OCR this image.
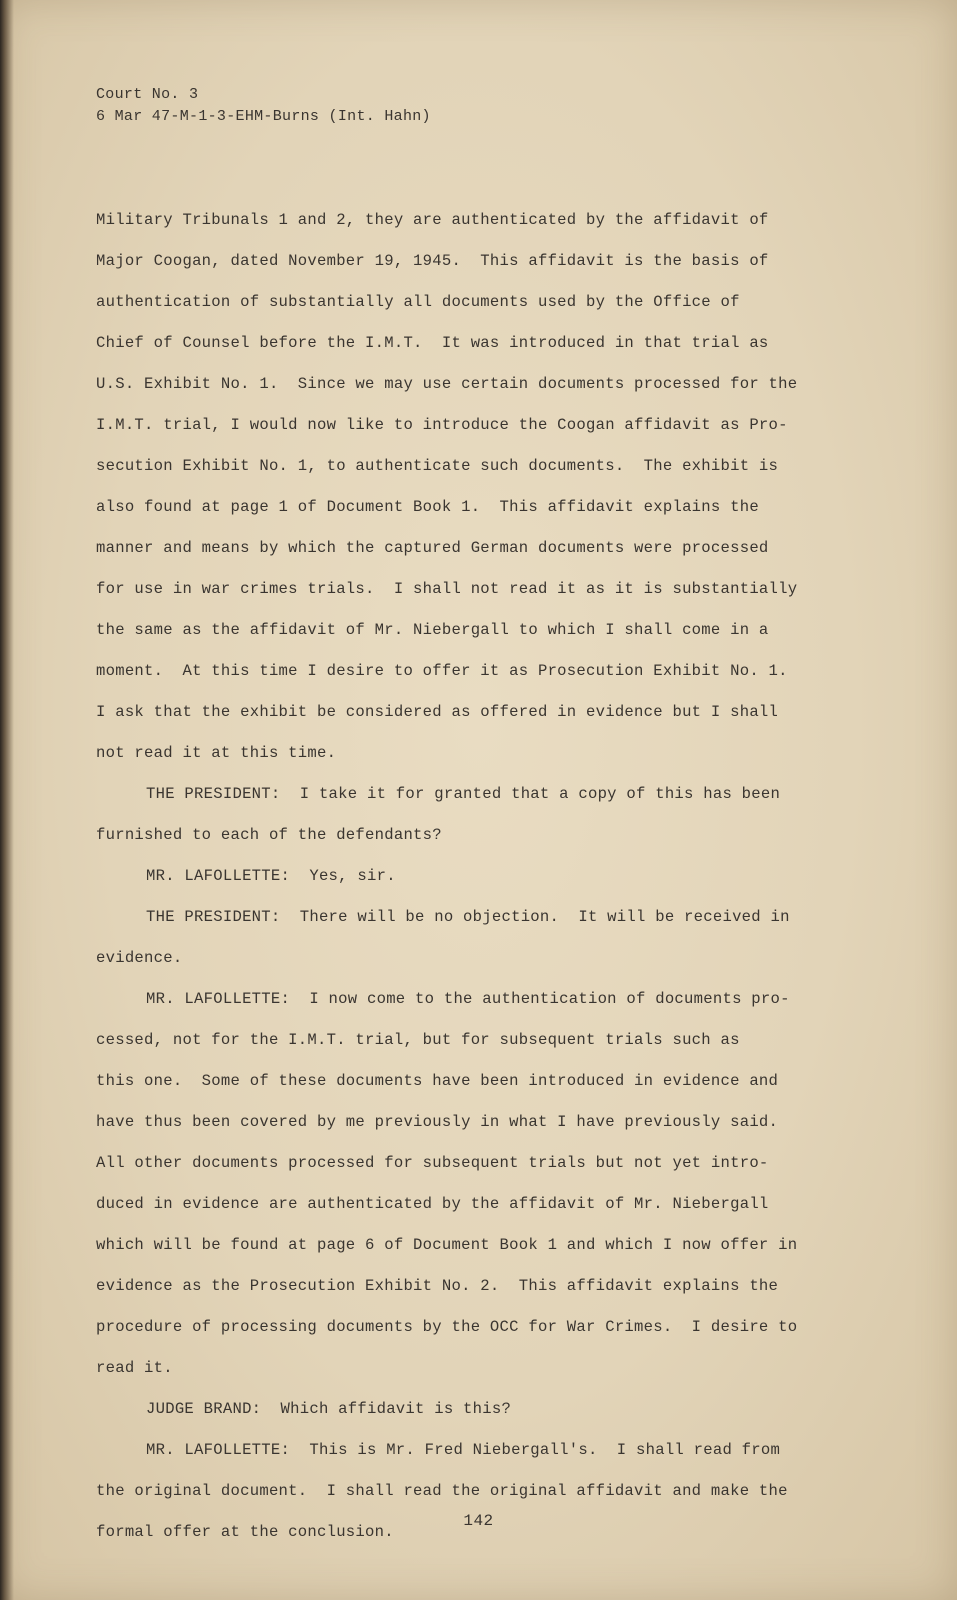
Court No. 3
6 Mar 47-M-1-3-EHM-Burns (Int. Hahn)
Military Tribunals 1 and 2, they are authenticated by the affidavit of
Major Coogan, dated November 19, 1945.  This affidavit is the basis of
authentication of substantially all documents used by the Office of
Chief of Counsel before the I.M.T.  It was introduced in that trial as
U.S. Exhibit No. 1.  Since we may use certain documents processed for the
I.M.T. trial, I would now like to introduce the Coogan affidavit as Pro-
secution Exhibit No. 1, to authenticate such documents.  The exhibit is
also found at page 1 of Document Book 1.  This affidavit explains the
manner and means by which the captured German documents were processed
for use in war crimes trials.  I shall not read it as it is substantially
the same as the affidavit of Mr. Niebergall to which I shall come in a
moment.  At this time I desire to offer it as Prosecution Exhibit No. 1.
I ask that the exhibit be considered as offered in evidence but I shall
not read it at this time.
THE PRESIDENT:  I take it for granted that a copy of this has been
furnished to each of the defendants?
MR. LAFOLLETTE:  Yes, sir.
THE PRESIDENT:  There will be no objection.  It will be received in
evidence.
MR. LAFOLLETTE:  I now come to the authentication of documents pro-
cessed, not for the I.M.T. trial, but for subsequent trials such as
this one.  Some of these documents have been introduced in evidence and
have thus been covered by me previously in what I have previously said.
All other documents processed for subsequent trials but not yet intro-
duced in evidence are authenticated by the affidavit of Mr. Niebergall
which will be found at page 6 of Document Book 1 and which I now offer in
evidence as the Prosecution Exhibit No. 2.  This affidavit explains the
procedure of processing documents by the OCC for War Crimes.  I desire to
read it.
JUDGE BRAND:  Which affidavit is this?
MR. LAFOLLETTE:  This is Mr. Fred Niebergall's.  I shall read from
the original document.  I shall read the original affidavit and make the
formal offer at the conclusion.
142
